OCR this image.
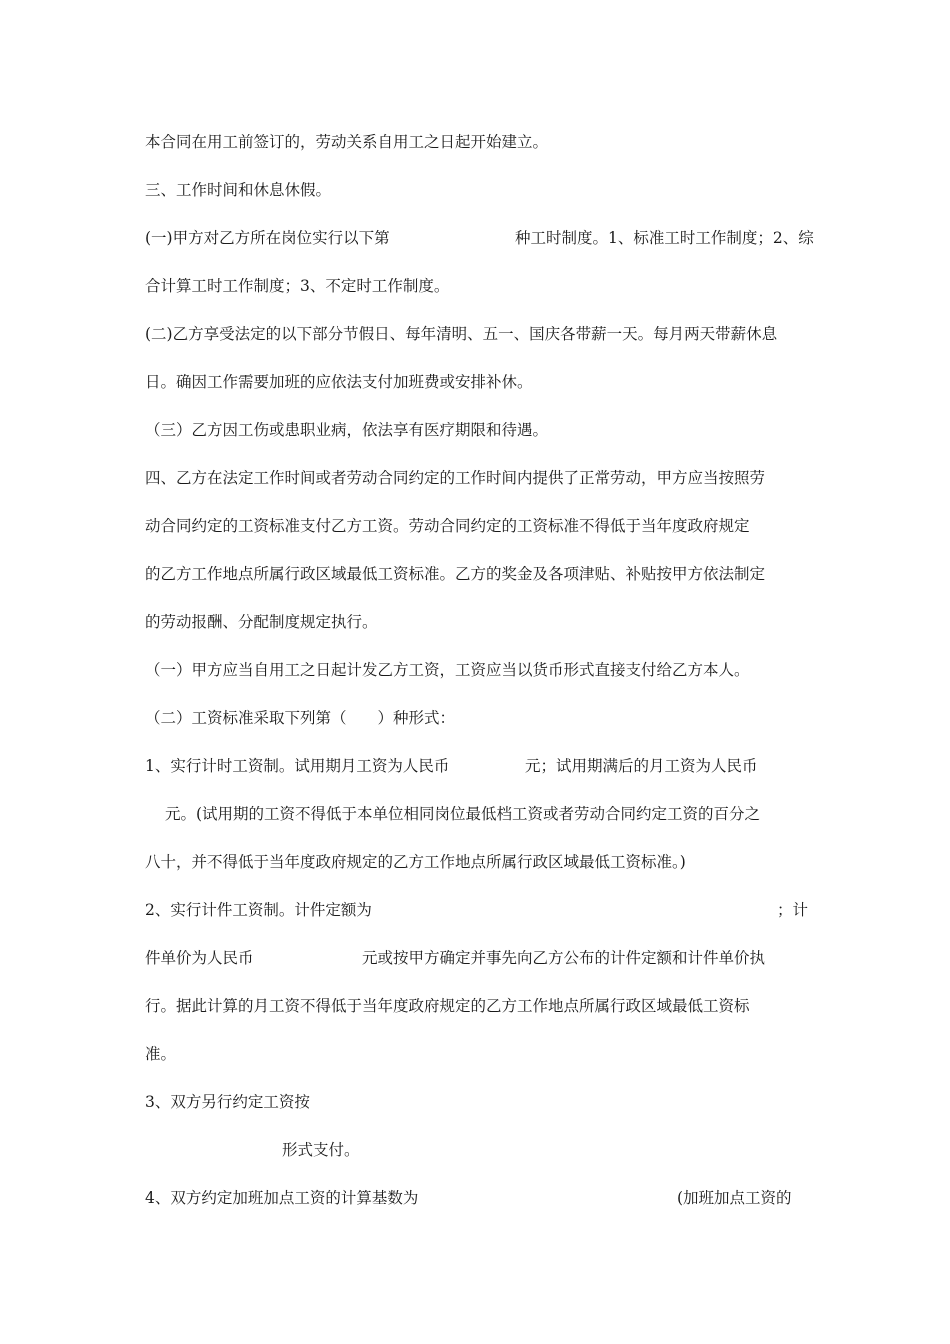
本合同在用工前签订的，劳动关系自用工之日起开始建立。

三、工作时间和休息休假。

(一)甲方对乙方所在岗位实行以下第	种工时制度。1、标准工时工作制度；2、综

合计算工时工作制度；3、不定时工作制度。

(二)乙方享受法定的以下部分节假日、每年清明、五一、国庆各带薪一天。每月两天带薪休息

日。确因工作需要加班的应依法支付加班费或安排补休。

（三）乙方因工伤或患职业病，依法享有医疗期限和待遇。

四、乙方在法定工作时间或者劳动合同约定的工作时间内提供了正常劳动，甲方应当按照劳

动合同约定的工资标准支付乙方工资。劳动合同约定的工资标准不得低于当年度政府规定

的乙方工作地点所属行政区域最低工资标准。乙方的奖金及各项津贴、补贴按甲方依法制定

的劳动报酬、分配制度规定执行。

（一）甲方应当自用工之日起计发乙方工资，工资应当以货币形式直接支付给乙方本人。

（二）工资标准采取下列第（　　）种形式：

1、实行计时工资制。试用期月工资为人民币	元；试用期满后的月工资为人民币

元。(试用期的工资不得低于本单位相同岗位最低档工资或者劳动合同约定工资的百分之

八十，并不得低于当年度政府规定的乙方工作地点所属行政区域最低工资标准。)

2、实行计件工资制。计件定额为	；计

件单价为人民币	元或按甲方确定并事先向乙方公布的计件定额和计件单价执

行。据此计算的月工资不得低于当年度政府规定的乙方工作地点所属行政区域最低工资标

准。

3、双方另行约定工资按

形式支付。

4、双方约定加班加点工资的计算基数为	(加班加点工资的
